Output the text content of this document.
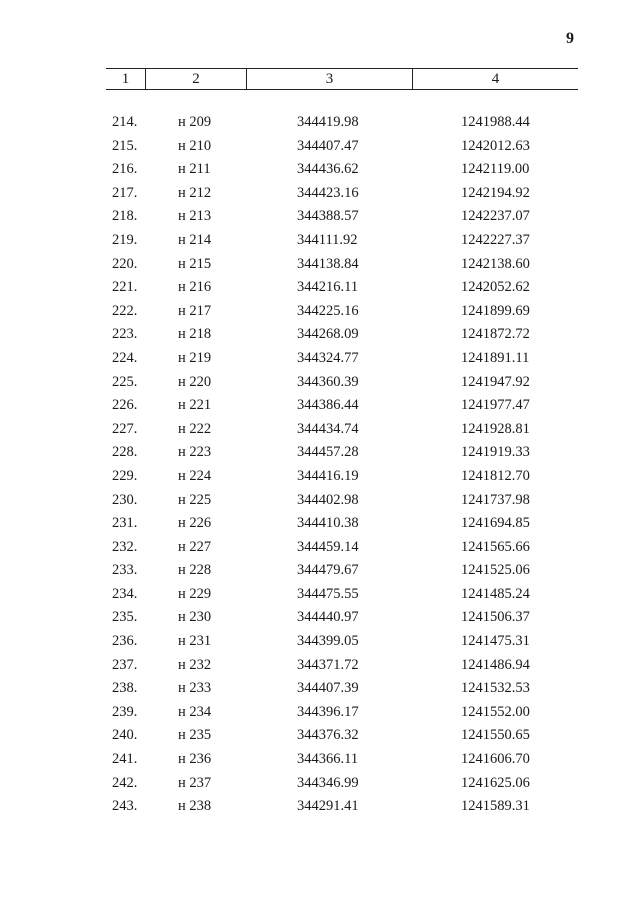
9
1	2	3	4
214.	н 209	344419.98	1241988.44
215.	н 210	344407.47	1242012.63
216.	н 211	344436.62	1242119.00
217.	н 212	344423.16	1242194.92
218.	н 213	344388.57	1242237.07
219.	н 214	344111.92	1242227.37
220.	н 215	344138.84	1242138.60
221.	н 216	344216.11	1242052.62
222.	н 217	344225.16	1241899.69
223.	н 218	344268.09	1241872.72
224.	н 219	344324.77	1241891.11
225.	н 220	344360.39	1241947.92
226.	н 221	344386.44	1241977.47
227.	н 222	344434.74	1241928.81
228.	н 223	344457.28	1241919.33
229.	н 224	344416.19	1241812.70
230.	н 225	344402.98	1241737.98
231.	н 226	344410.38	1241694.85
232.	н 227	344459.14	1241565.66
233.	н 228	344479.67	1241525.06
234.	н 229	344475.55	1241485.24
235.	н 230	344440.97	1241506.37
236.	н 231	344399.05	1241475.31
237.	н 232	344371.72	1241486.94
238.	н 233	344407.39	1241532.53
239.	н 234	344396.17	1241552.00
240.	н 235	344376.32	1241550.65
241.	н 236	344366.11	1241606.70
242.	н 237	344346.99	1241625.06
243.	н 238	344291.41	1241589.31
